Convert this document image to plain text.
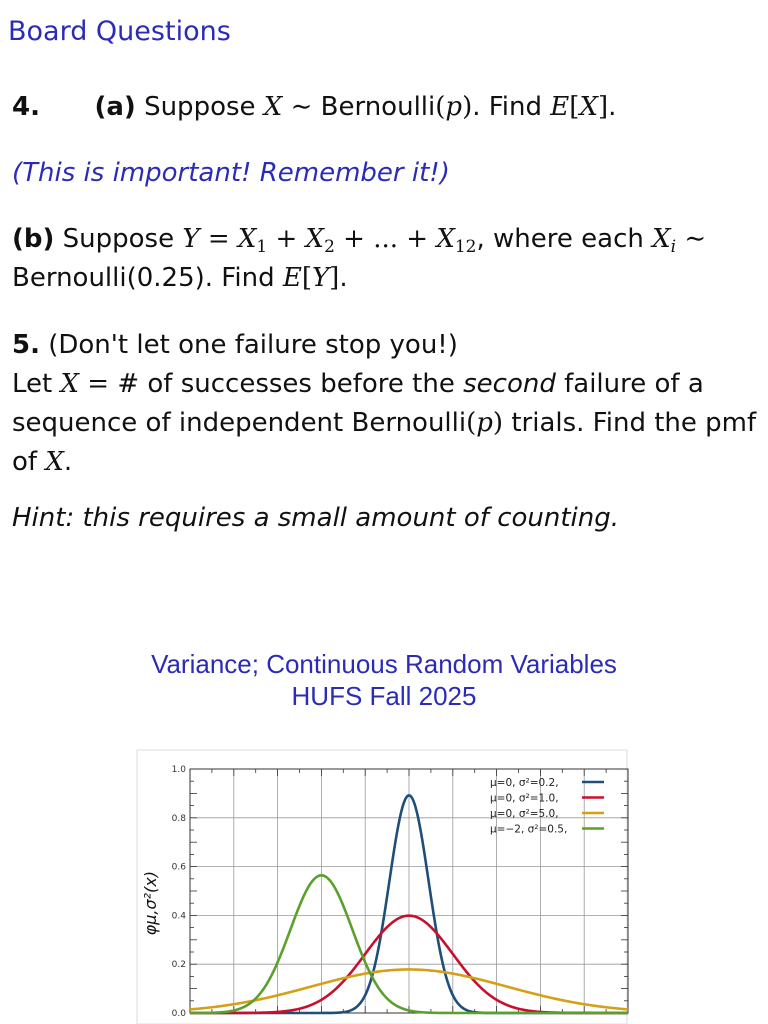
Board Questions
4. (a) Suppose X ∼ Bernoulli(p). Find E[X].
(This is important! Remember it!)
(b) Suppose $Y = X_1 + X_2$ + ... + $X_{12}$, where each $X_i$ ∼
Bernoulli(0.25). Find E[Y].
5. (Don't let one failure stop you!)
Let X = # of successes before the second failure of a
sequence of independent Bernoulli(p) trials. Find the pmf
of X.
Hint: this requires a small amount of counting.
Variance; Continuous Random Variables
HUFS Fall 2025
0.0
0.2
0.4
0.6
0.8
1.0
μ=0, σ²=0.2,
μ=0, σ²=1.0,
μ=0, σ²=5.0,
μ=−2, σ²=0.5,
φμ,σ²(x)
